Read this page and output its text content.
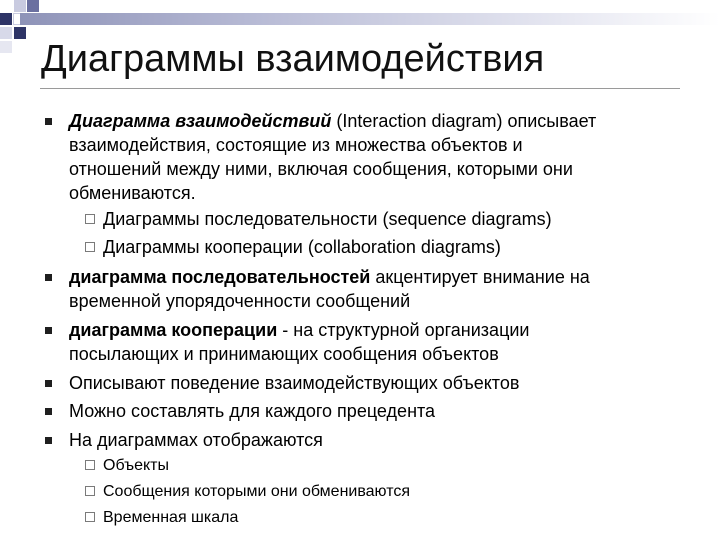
Диаграммы взаимодействия
Диаграмма взаимодействий (Interaction diagram) описывает
взаимодействия, состоящие из множества объектов и
отношений между ними, включая сообщения, которыми они
обмениваются.
Диаграммы последовательности (sequence diagrams)
Диаграммы кооперации (collaboration diagrams)
диаграмма последовательностей акцентирует внимание на
временной упорядоченности сообщений
диаграмма кооперации - на структурной организации
посылающих и принимающих сообщения объектов
Описывают поведение взаимодействующих объектов
Можно составлять для каждого прецедента
На диаграммах отображаются
Объекты
Сообщения которыми они обмениваются
Временная шкала
